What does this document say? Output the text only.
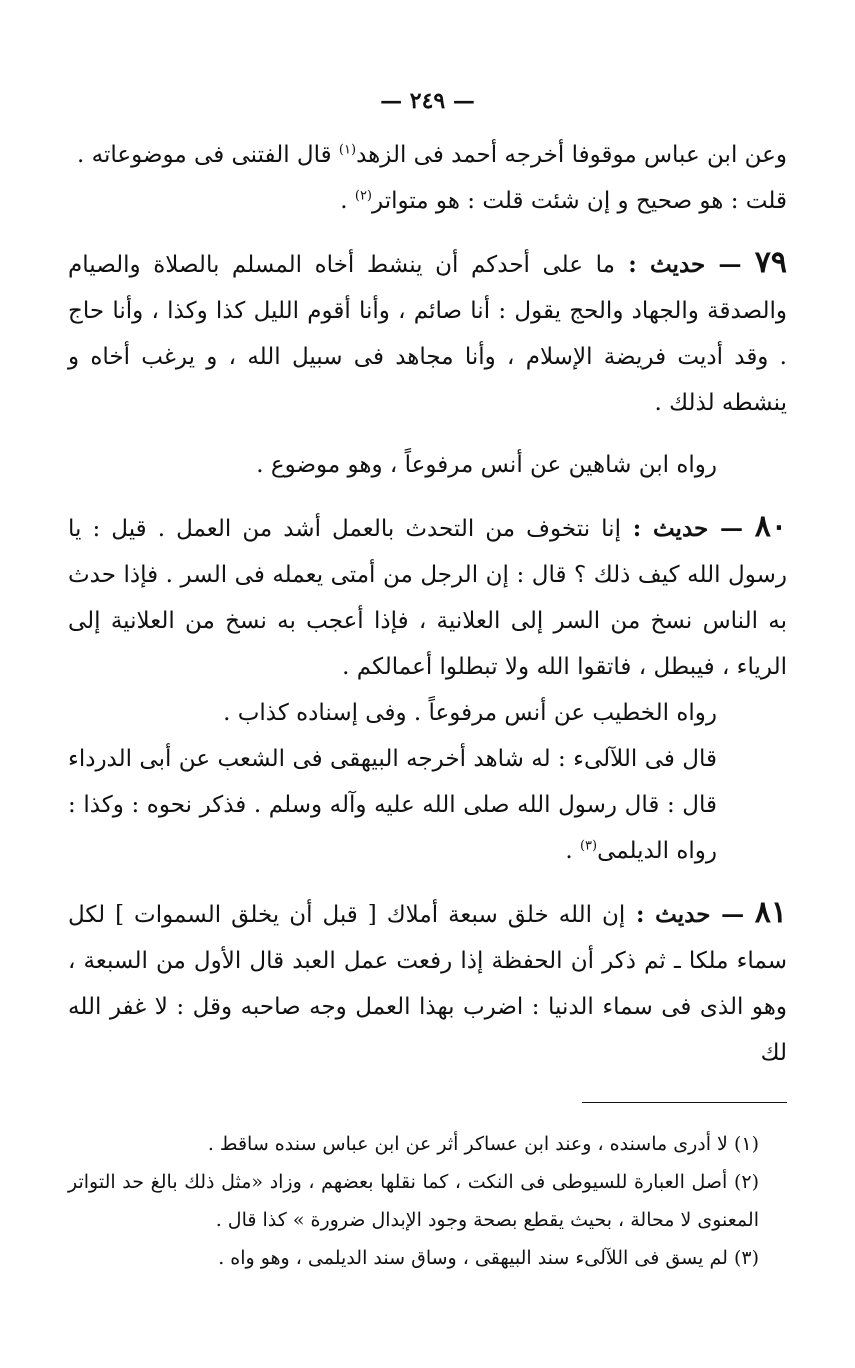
— ٢٤٩ —

وعن ابن عباس موقوفا أخرجه أحمد فى الزهد$^{(١)}$ قال الفتنى فى موضوعاته .

قلت : هو صحيح و إن شئت قلت : هو متواتر$^{(٢)}$ .

٧٩ — حديث : ما على أحدكم أن ينشط أخاه المسلم بالصلاة والصيام والصدقة والجهاد والحج يقول : أنا صائم ، وأنا أقوم الليل كذا وكذا ، وأنا حاج . وقد أديت فريضة الإسلام ، وأنا مجاهد فى سبيل الله ، و يرغب أخاه و ينشطه لذلك .

رواه ابن شاهين عن أنس مرفوعاً ، وهو موضوع .

٨٠ — حديث : إنا نتخوف من التحدث بالعمل أشد من العمل . قيل : يا رسول الله كيف ذلك ؟ قال : إن الرجل من أمتى يعمله فى السر . فإذا حدث به الناس نسخ من السر إلى العلانية ، فإذا أعجب به نسخ من العلانية إلى الرياء ، فيبطل ، فاتقوا الله ولا تبطلوا أعمالكم .

رواه الخطيب عن أنس مرفوعاً . وفى إسناده كذاب .

قال فى اللآلىء : له شاهد أخرجه البيهقى فى الشعب عن أبى الدرداء قال : قال رسول الله صلى الله عليه وآله وسلم . فذكر نحوه : وكذا : رواه الديلمى$^{(٣)}$ .

٨١ — حديث : إن الله خلق سبعة أملاك [ قبل أن يخلق السموات ] لكل سماء ملكا ـ ثم ذكر أن الحفظة إذا رفعت عمل العبد قال الأول من السبعة ، وهو الذى فى سماء الدنيا : اضرب بهذا العمل وجه صاحبه وقل : لا غفر الله لك

(١) لا أدرى ماسنده ، وعند ابن عساكر أثر عن ابن عباس سنده ساقط .

(٢) أصل العبارة للسيوطى فى النكت ، كما نقلها بعضهم ، وزاد «مثل ذلك بالغ حد التواتر المعنوى لا محالة ، بحيث يقطع بصحة وجود الإبدال ضرورة » كذا قال .

(٣) لم يسق فى اللآلىء سند البيهقى ، وساق سند الديلمى ، وهو واه .
